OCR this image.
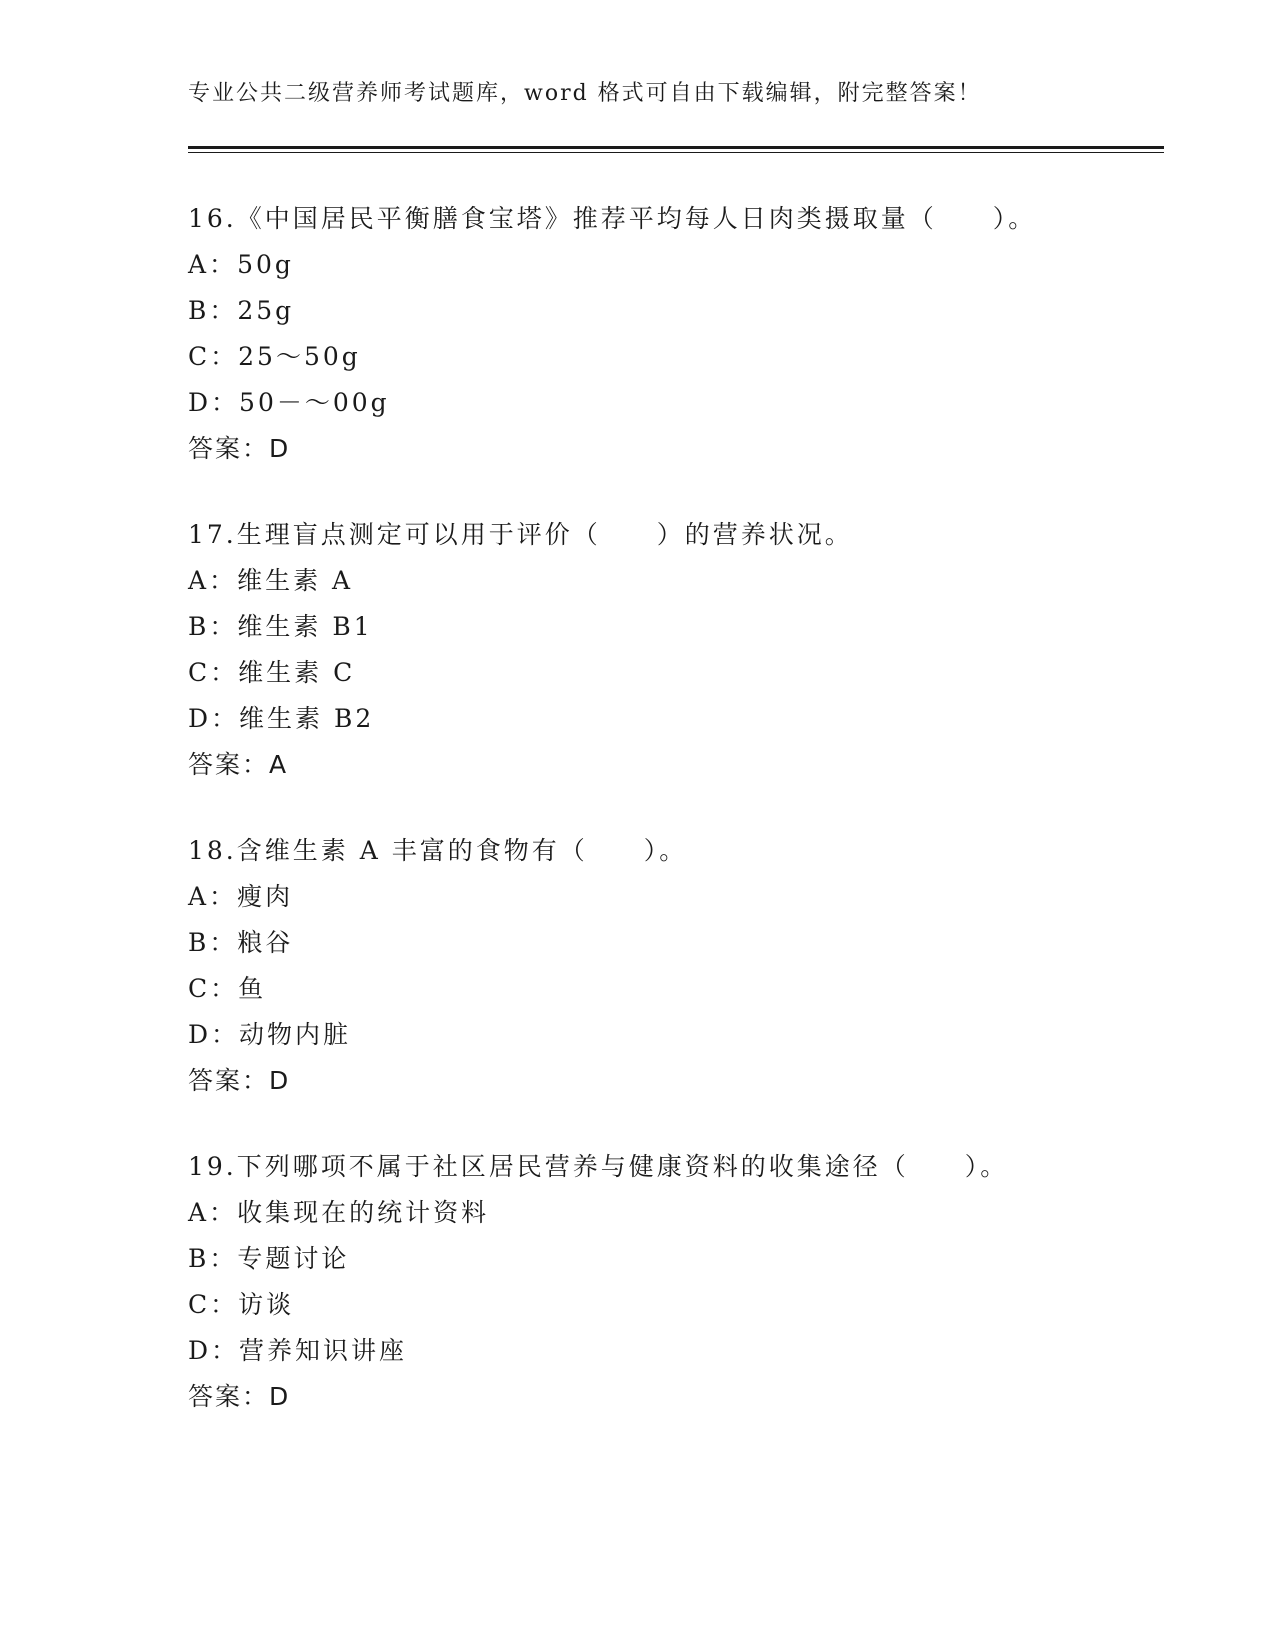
专业公共二级营养师考试题库，word 格式可自由下载编辑，附完整答案！
16.《中国居民平衡膳食宝塔》推荐平均每人日肉类摄取量（　　）。
A：50g
B：25g
C：25～50g
D：50－～00g
答案：D
17.生理盲点测定可以用于评价（　　）的营养状况。
A：维生素 A
B：维生素 B1
C：维生素 C
D：维生素 B2
答案：A
18.含维生素 A 丰富的食物有（　　）。
A：瘦肉
B：粮谷
C：鱼
D：动物内脏
答案：D
19.下列哪项不属于社区居民营养与健康资料的收集途径（　　）。
A：收集现在的统计资料
B：专题讨论
C：访谈
D：营养知识讲座
答案：D
